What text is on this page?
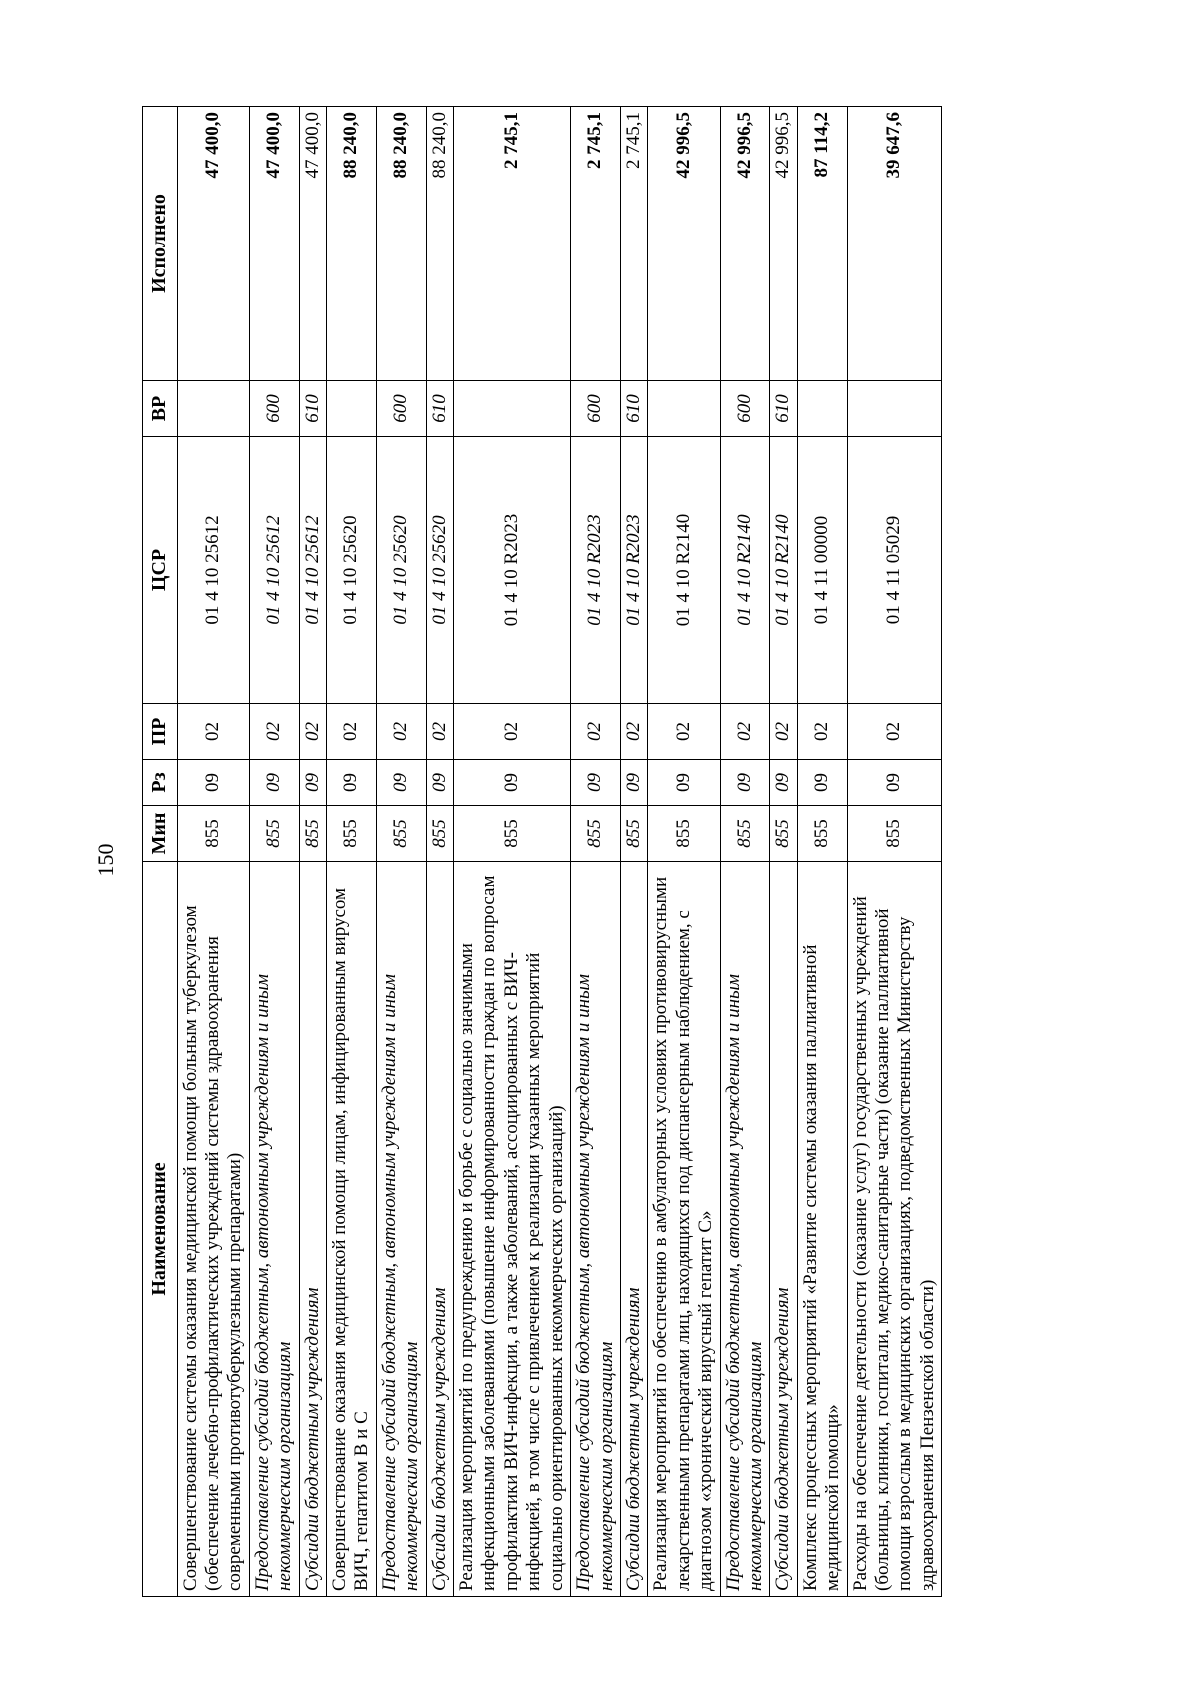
150
Наименование	Мин	Рз	ПР	ЦСР	ВР	Исполнено
Совершенствование системы оказания медицинской помощи больным туберкулезом (обеспечение лечебно-профилактических учреждений системы здравоохранения современными противотуберкулезными препаратами)	855	09	02	01 4 10 25612		47 400,0
Предоставление субсидий бюджетным, автономным учреждениям и иным некоммерческим организациям	855	09	02	01 4 10 25612	600	47 400,0
Субсидии бюджетным учреждениям	855	09	02	01 4 10 25612	610	47 400,0
Совершенствование оказания медицинской помощи лицам, инфицированным вирусом ВИЧ, гепатитом В и С	855	09	02	01 4 10 25620		88 240,0
Предоставление субсидий бюджетным, автономным учреждениям и иным некоммерческим организациям	855	09	02	01 4 10 25620	600	88 240,0
Субсидии бюджетным учреждениям	855	09	02	01 4 10 25620	610	88 240,0
Реализация мероприятий по предупреждению и борьбе с социально значимыми инфекционными заболеваниями (повышение информированности граждан по вопросам профилактики ВИЧ-инфекции, а также заболеваний, ассоциированных с ВИЧ-инфекцией, в том числе с привлечением к реализации указанных мероприятий социально ориентированных некоммерческих организаций)	855	09	02	01 4 10 R2023		2 745,1
Предоставление субсидий бюджетным, автономным учреждениям и иным некоммерческим организациям	855	09	02	01 4 10 R2023	600	2 745,1
Субсидии бюджетным учреждениям	855	09	02	01 4 10 R2023	610	2 745,1
Реализация мероприятий по обеспечению в амбулаторных условиях противовирусными лекарственными препаратами лиц, находящихся под диспансерным наблюдением, с диагнозом «хронический вирусный гепатит С»	855	09	02	01 4 10 R2140		42 996,5
Предоставление субсидий бюджетным, автономным учреждениям и иным некоммерческим организациям	855	09	02	01 4 10 R2140	600	42 996,5
Субсидии бюджетным учреждениям	855	09	02	01 4 10 R2140	610	42 996,5
Комплекс процессных мероприятий «Развитие системы оказания паллиативной медицинской помощи»	855	09	02	01 4 11 00000		87 114,2
Расходы на обеспечение деятельности (оказание услуг) государственных учреждений (больницы, клиники, госпитали, медико-санитарные части) (оказание паллиативной помощи взрослым в медицинских организациях, подведомственных Министерству здравоохранения Пензенской области)	855	09	02	01 4 11 05029		39 647,6
